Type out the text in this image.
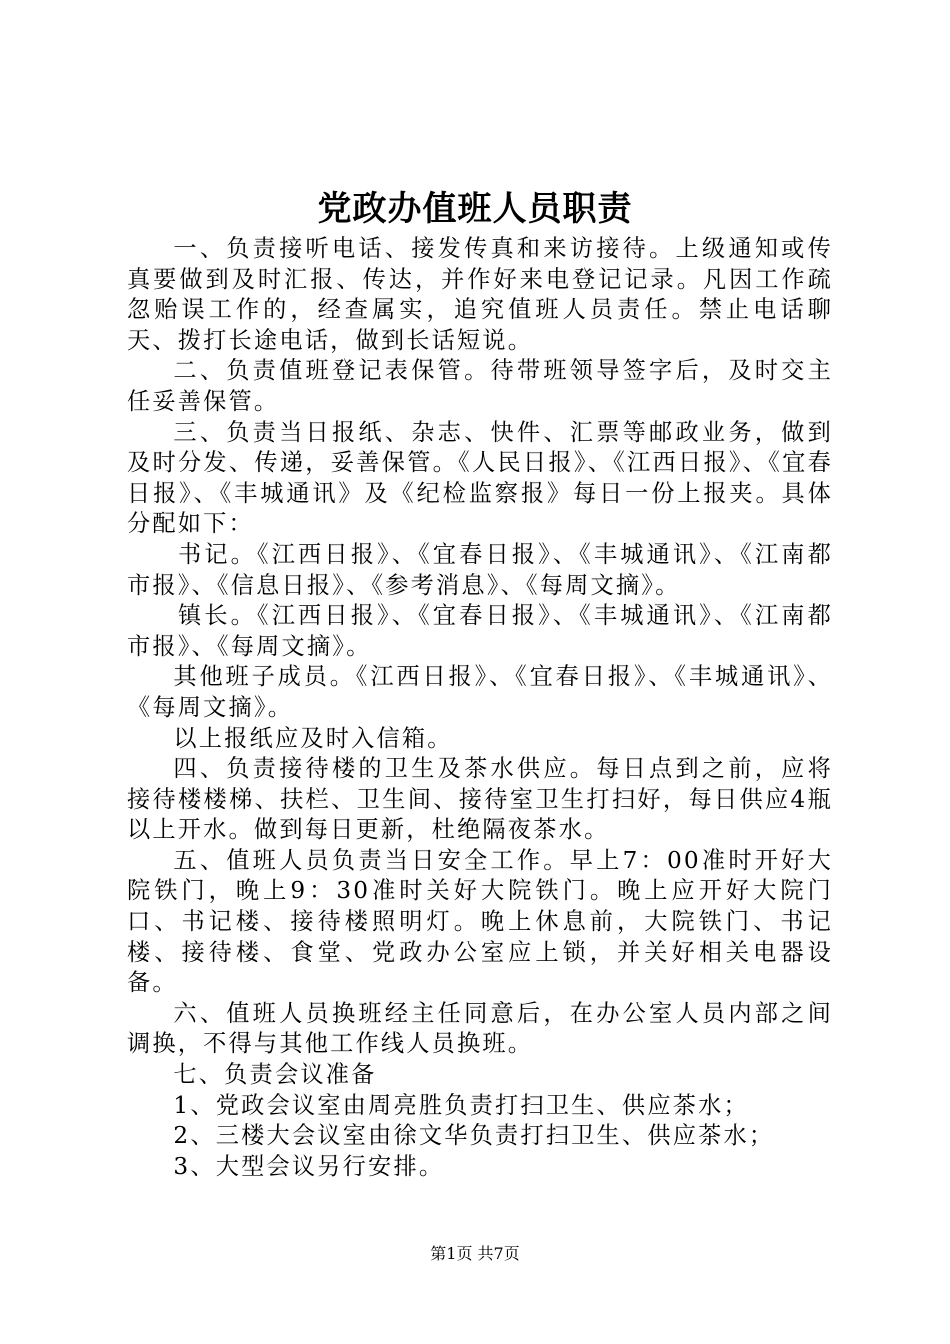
党政办值班人员职责

一、负责接听电话、接发传真和来访接待。上级通知或传真要做到及时汇报、传达，并作好来电登记记录。凡因工作疏忽贻误工作的，经查属实，追究值班人员责任。禁止电话聊天、拨打长途电话，做到长话短说。

二、负责值班登记表保管。待带班领导签字后，及时交主任妥善保管。

三、负责当日报纸、杂志、快件、汇票等邮政业务，做到及时分发、传递，妥善保管。《人民日报》、《江西日报》、《宜春日报》、《丰城通讯》及《纪检监察报》每日一份上报夹。具体分配如下：

书记。《江西日报》、《宜春日报》、《丰城通讯》、《江南都市报》、《信息日报》、《参考消息》、《每周文摘》。

镇长。《江西日报》、《宜春日报》、《丰城通讯》、《江南都市报》、《每周文摘》。

其他班子成员。《江西日报》、《宜春日报》、《丰城通讯》、《每周文摘》。

以上报纸应及时入信箱。

四、负责接待楼的卫生及茶水供应。每日点到之前，应将接待楼楼梯、扶栏、卫生间、接待室卫生打扫好，每日供应4瓶以上开水。做到每日更新，杜绝隔夜茶水。

五、值班人员负责当日安全工作。早上7：00准时开好大院铁门，晚上9：30准时关好大院铁门。晚上应开好大院门口、书记楼、接待楼照明灯。晚上休息前，大院铁门、书记楼、接待楼、食堂、党政办公室应上锁，并关好相关电器设备。

六、值班人员换班经主任同意后，在办公室人员内部之间调换，不得与其他工作线人员换班。

七、负责会议准备

1、党政会议室由周亮胜负责打扫卫生、供应茶水；

2、三楼大会议室由徐文华负责打扫卫生、供应茶水；

3、大型会议另行安排。

第1页 共7页
